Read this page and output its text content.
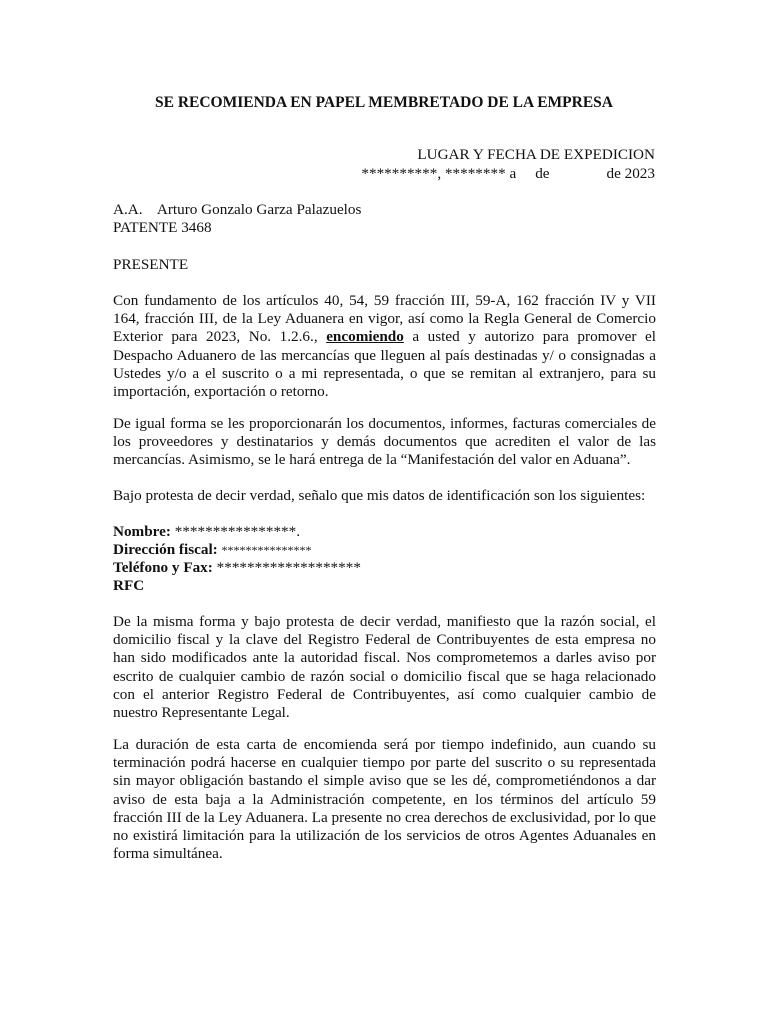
SE RECOMIENDA EN PAPEL MEMBRETADO DE LA EMPRESA
LUGAR Y FECHA DE EXPEDICION
**********, ******** a     de               de 2023
A.A.    Arturo Gonzalo Garza Palazuelos
PATENTE 3468
PRESENTE

Con fundamento de los artículos 40, 54, 59 fracción III, 59-A, 162 fracción IV y VII 164, fracción III, de la Ley Aduanera en vigor, así como la Regla General de Comercio Exterior para 2023, No. 1.2.6., encomiendo a usted y autorizo para promover el Despacho Aduanero de las mercancías que lleguen al país destinadas y/ o consignadas a Ustedes y/o a el suscrito o a mi representada, o que se remitan al extranjero, para su importación, exportación o retorno.

De igual forma se les proporcionarán los documentos, informes, facturas comerciales de los proveedores y destinatarios y demás documentos que acrediten el valor de las mercancías. Asimismo, se le hará entrega de la “Manifestación del valor en Aduana”.

Bajo protesta de decir verdad, señalo que mis datos de identificación son los siguientes:

Nombre: ****************.
Dirección fiscal: ***************
Teléfono y Fax: *******************
RFC

De la misma forma y bajo protesta de decir verdad, manifiesto que la razón social, el domicilio fiscal y la clave del Registro Federal de Contribuyentes de esta empresa no han sido modificados ante la autoridad fiscal. Nos comprometemos a darles aviso por escrito de cualquier cambio de razón social o domicilio fiscal que se haga relacionado con el anterior Registro Federal de Contribuyentes, así como cualquier cambio de nuestro Representante Legal.

La duración de esta carta de encomienda será por tiempo indefinido, aun cuando su terminación podrá hacerse en cualquier tiempo por parte del suscrito o su representada sin mayor obligación bastando el simple aviso que se les dé, comprometiéndonos a dar aviso de esta baja a la Administración competente, en los términos del artículo 59 fracción III de la Ley Aduanera. La presente no crea derechos de exclusividad, por lo que no existirá limitación para la utilización de los servicios de otros Agentes Aduanales en forma simultánea.
